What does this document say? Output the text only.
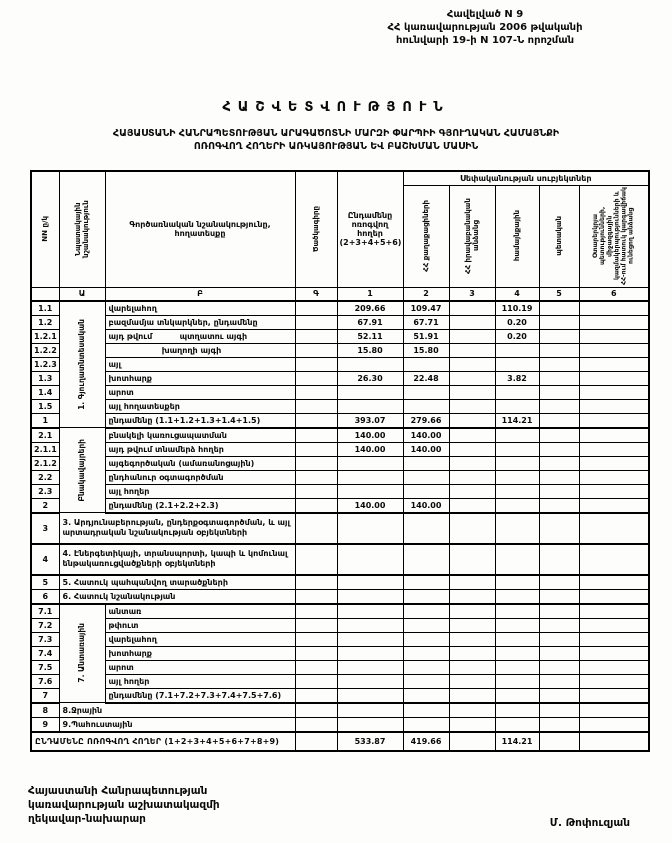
Հավելված N 9
ՀՀ կառավարության 2006 թվականի
հունվարի 19-ի N 107-Ն որոշման
ՀԱՇՎԵՏՎՈՒԹՅՈՒՆ
ՀԱՅԱՍՏԱՆԻ ՀԱՆՐԱՊԵՏՈՒԹՅԱՆ ԱՐԱԳԱԾՈՏՆԻ ՄԱՐԶԻ ՓԱՐՊԻԻ ԳՅՈՒՂԱԿԱՆ ՀԱՄԱՅՆՔԻ
ՈՌՈԳՎՈՂ ՀՈՂԵՐԻ ԱՌԿԱՅՈՒԹՅԱՆ ԵՎ ԲԱՇԽՄԱՆ ՄԱՍԻՆ
NN ը/կ	Նպատակային նշանակություն	Գործառնական նշանակությունը, հողատեսքը	Ծածկագիրը	Ընդամենը ոռոգվող հողեր (2+3+4+5+6)	Սեփականության սուբյեկտներ				

					ՀՀ քաղաքացիների	ՀՀ իրավաբանական անձանց	համայնքային	պետական	Օտարերկրյա պետությունների, միջազգային կազմակերպությունների և ՀՀ-ում հատուկ կարգավիճակ ունեցող անձանց

	Ա	Բ	Գ	1	2	3	4	5	6
1.1	1. Գյուղատնտեսական	վարելահող		209.66	109.47		110.19		
1.2		բազմամյա տնկարկներ, ընդամենը		67.91	67.71		0.20		
1.2.1		այդ թվում պտղատու այգի		52.11	51.91		0.20		
1.2.2		խաղողի այգի		15.80	15.80				
1.2.3		այլ							
1.3		խոտհարք		26.30	22.48		3.82		
1.4		արոտ							
1.5		այլ հողատեսքեր							
1		ընդամենը (1.1+1.2+1.3+1.4+1.5)		393.07	279.66		114.21		
2.1	Բնակավայրերի	բնակելի կառուցապատման		140.00	140.00				
2.1.1		այդ թվում տնամերձ հողեր		140.00	140.00				
2.1.2		այգեգործական (ամառանոցային)							
2.2		ընդհանուր օգտագործման							
2.3		այլ հողեր							
2		ընդամենը (2.1+2.2+2.3)		140.00	140.00				
3	3. Արդյունաբերության, ընդերքօգտագործման, և այլ արտադրական նշանակության օբյեկտների								
4	4. Էներգետիկայի, տրանսպորտի, կապի և կոմունալ ենթակառուցվածքների օբյեկտների								
5	5. Հատուկ պահպանվող տարածքների								
6	6. Հատուկ նշանակության								
7.1	7. Անտառային	անտառ							
7.2		թփուտ							
7.3		վարելահող							
7.4		խոտհարք							
7.5		արոտ							
7.6		այլ հողեր							
7		ընդամենը (7.1+7.2+7.3+7.4+7.5+7.6)							
8	8.Ջրային								
9	9.Պահուստային								
ԸՆԴԱՄԵՆԸ ՈՌՈԳՎՈՂ ՀՈՂԵՐ (1+2+3+4+5+6+7+8+9)				533.87	419.66		114.21		
Հայաստանի Հանրապետության
կառավարության աշխատակազմի
ղեկավար-նախարար	Մ. Թոփուզյան
